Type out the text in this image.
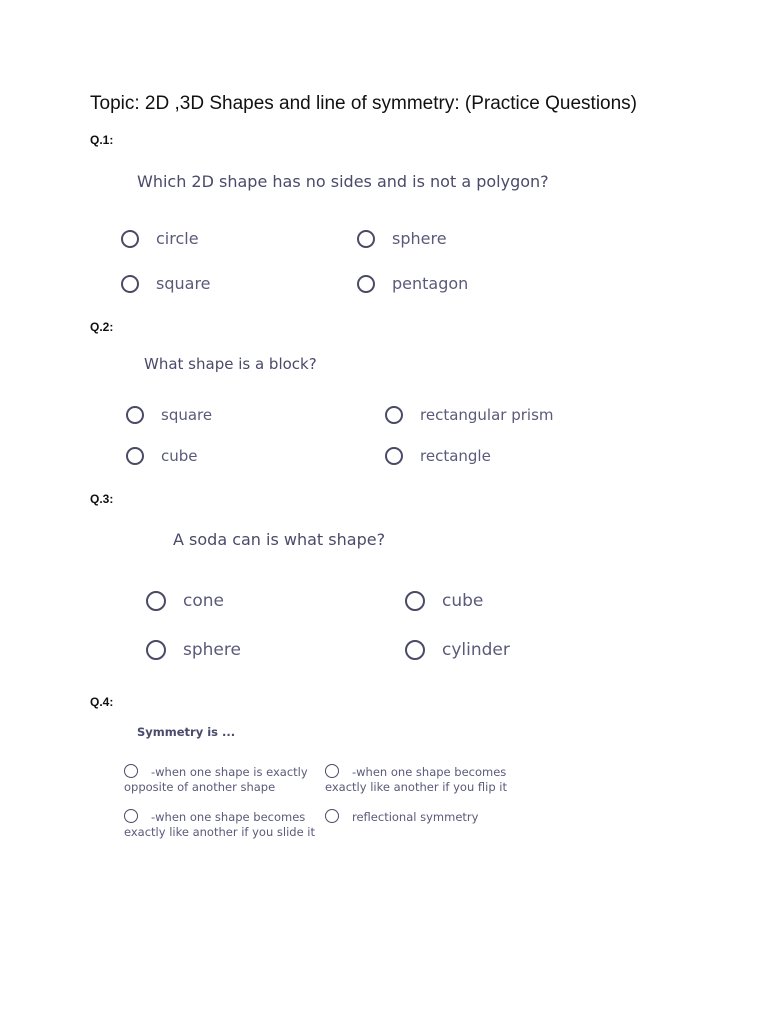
Topic: 2D ,3D Shapes and line of symmetry: (Practice Questions)
Q.1:
Which 2D shape has no sides and is not a polygon?
circle	sphere
square	pentagon
Q.2:
What shape is a block?
square	rectangular prism
cube	rectangle
Q.3:
A soda can is what shape?
cone	cube
sphere	cylinder
Q.4:
Symmetry is ...
-when one shape is exactly opposite of another shape
-when one shape becomes exactly like another if you flip it
-when one shape becomes exactly like another if you slide it
reflectional symmetry
